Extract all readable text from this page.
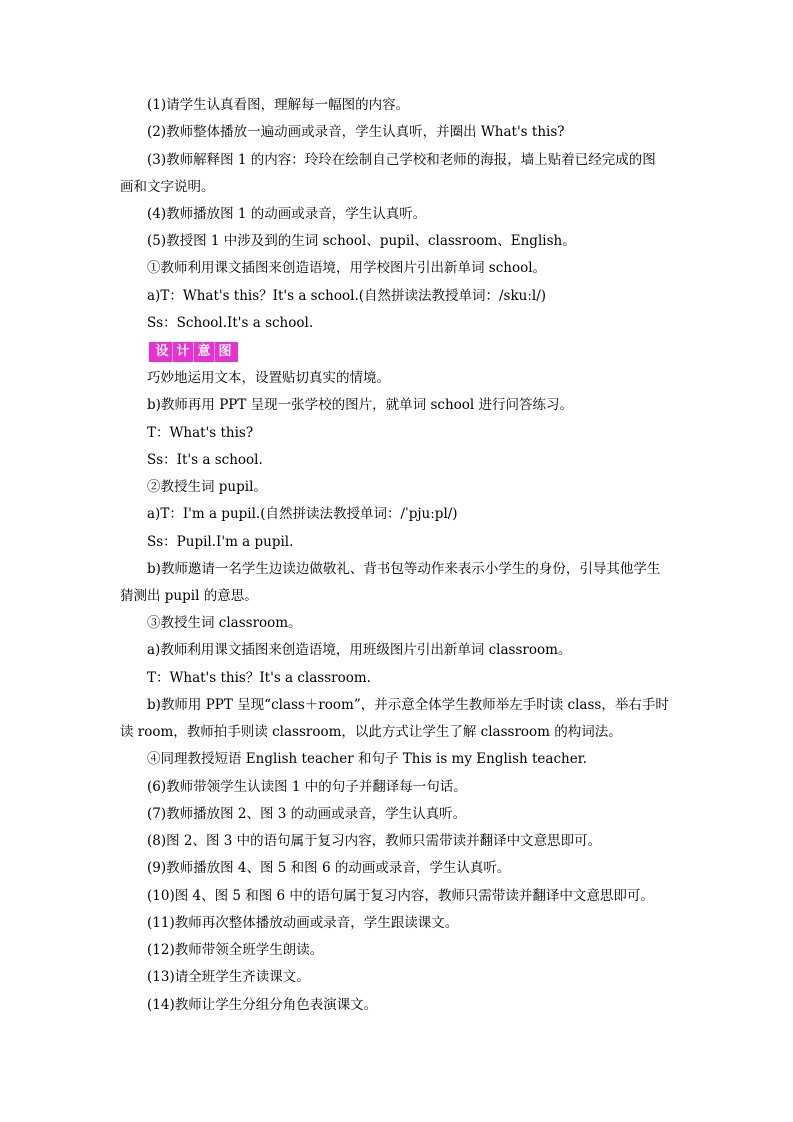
(1)请学生认真看图，理解每一幅图的内容。
(2)教师整体播放一遍动画或录音，学生认真听，并圈出 What's this?
(3)教师解释图 1 的内容：玲玲在绘制自己学校和老师的海报，墙上贴着已经完成的图
画和文字说明。
(4)教师播放图 1 的动画或录音，学生认真听。
(5)教授图 1 中涉及到的生词 school、pupil、classroom、English。
①教师利用课文插图来创造语境，用学校图片引出新单词 school。
a)T：What's this？It's a school.(自然拼读法教授单词：/skuːl/)
Ss：School.It's a school.
设 计 意 图
巧妙地运用文本，设置贴切真实的情境。
b)教师再用 PPT 呈现一张学校的图片，就单词 school 进行问答练习。
T：What's this?
Ss：It's a school.
②教授生词 pupil。
a)T：I'm a pupil.(自然拼读法教授单词：/ˈpjuːpl/)
Ss：Pupil.I'm a pupil.
b)教师邀请一名学生边读边做敬礼、背书包等动作来表示小学生的身份，引导其他学生
猜测出 pupil 的意思。
③教授生词 classroom。
a)教师利用课文插图来创造语境，用班级图片引出新单词 classroom。
T：What's this？It's a classroom.
b)教师用 PPT 呈现“class＋room”，并示意全体学生教师举左手时读 class，举右手时
读 room，教师拍手则读 classroom，以此方式让学生了解 classroom 的构词法。
④同理教授短语 English teacher 和句子 This is my English teacher.
(6)教师带领学生认读图 1 中的句子并翻译每一句话。
(7)教师播放图 2、图 3 的动画或录音，学生认真听。
(8)图 2、图 3 中的语句属于复习内容，教师只需带读并翻译中文意思即可。
(9)教师播放图 4、图 5 和图 6 的动画或录音，学生认真听。
(10)图 4、图 5 和图 6 中的语句属于复习内容，教师只需带读并翻译中文意思即可。
(11)教师再次整体播放动画或录音，学生跟读课文。
(12)教师带领全班学生朗读。
(13)请全班学生齐读课文。
(14)教师让学生分组分角色表演课文。
